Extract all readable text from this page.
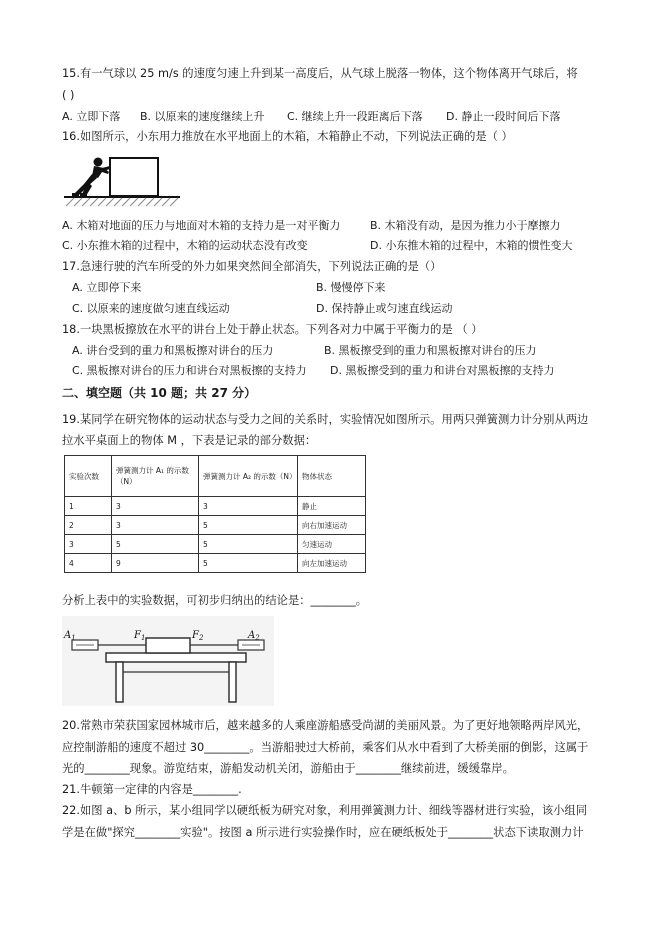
15.有一气球以 25 m/s 的速度匀速上升到某一高度后，从气球上脱落一物体，这个物体离开气球后，将
( )
A. 立即下落 B. 以原来的速度继续上升 C. 继续上升一段距离后下落 D. 静止一段时间后下落
16.如图所示，小东用力推放在水平地面上的木箱，木箱静止不动，下列说法正确的是（ ）
A. 木箱对地面的压力与地面对木箱的支持力是一对平衡力	B. 木箱没有动，是因为推力小于摩擦力
C. 小东推木箱的过程中，木箱的运动状态没有改变	D. 小东推木箱的过程中，木箱的惯性变大
17.急速行驶的汽车所受的外力如果突然间全部消失，下列说法正确的是（）
A. 立即停下来	B. 慢慢停下来
C. 以原来的速度做匀速直线运动	D. 保持静止或匀速直线运动
18.一块黑板擦放在水平的讲台上处于静止状态。下列各对力中属于平衡力的是 （ ）
A. 讲台受到的重力和黑板擦对讲台的压力	B. 黑板擦受到的重力和黑板擦对讲台的压力
C. 黑板擦对讲台的压力和讲台对黑板擦的支持力 D. 黑板擦受到的重力和讲台对黑板擦的支持力
二、填空题（共 10 题；共 27 分）
19.某同学在研究物体的运动状态与受力之间的关系时，实验情况如图所示。用两只弹簧测力计分别从两边
拉水平桌面上的物体 M ，下表是记录的部分数据：
实验次数	弹簧测力计 A₁ 的示数（N）	弹簧测力计 A₂ 的示数（N）	物体状态
1	3	3	静止
2	3	5	向右加速运动
3	5	5	匀速运动
4	9	5	向左加速运动
分析上表中的实验数据，可初步归纳出的结论是：________。
$A_1$	$F_1$	$F_2$	$A_2$
20.常熟市荣获国家园林城市后，越来越多的人乘座游船感受尚湖的美丽风景。为了更好地领略两岸风光，
应控制游船的速度不超过 30________。当游船驶过大桥前，乘客们从水中看到了大桥美丽的倒影，这属于
光的________现象。游览结束，游船发动机关闭，游船由于________继续前进，缓缓靠岸。
21.牛顿第一定律的内容是________.
22.如图 a、b 所示，某小组同学以硬纸板为研究对象，利用弹簧测力计、细线等器材进行实验，该小组同
学是在做"探究________实验"。按图 a 所示进行实验操作时，应在硬纸板处于________状态下读取测力计
